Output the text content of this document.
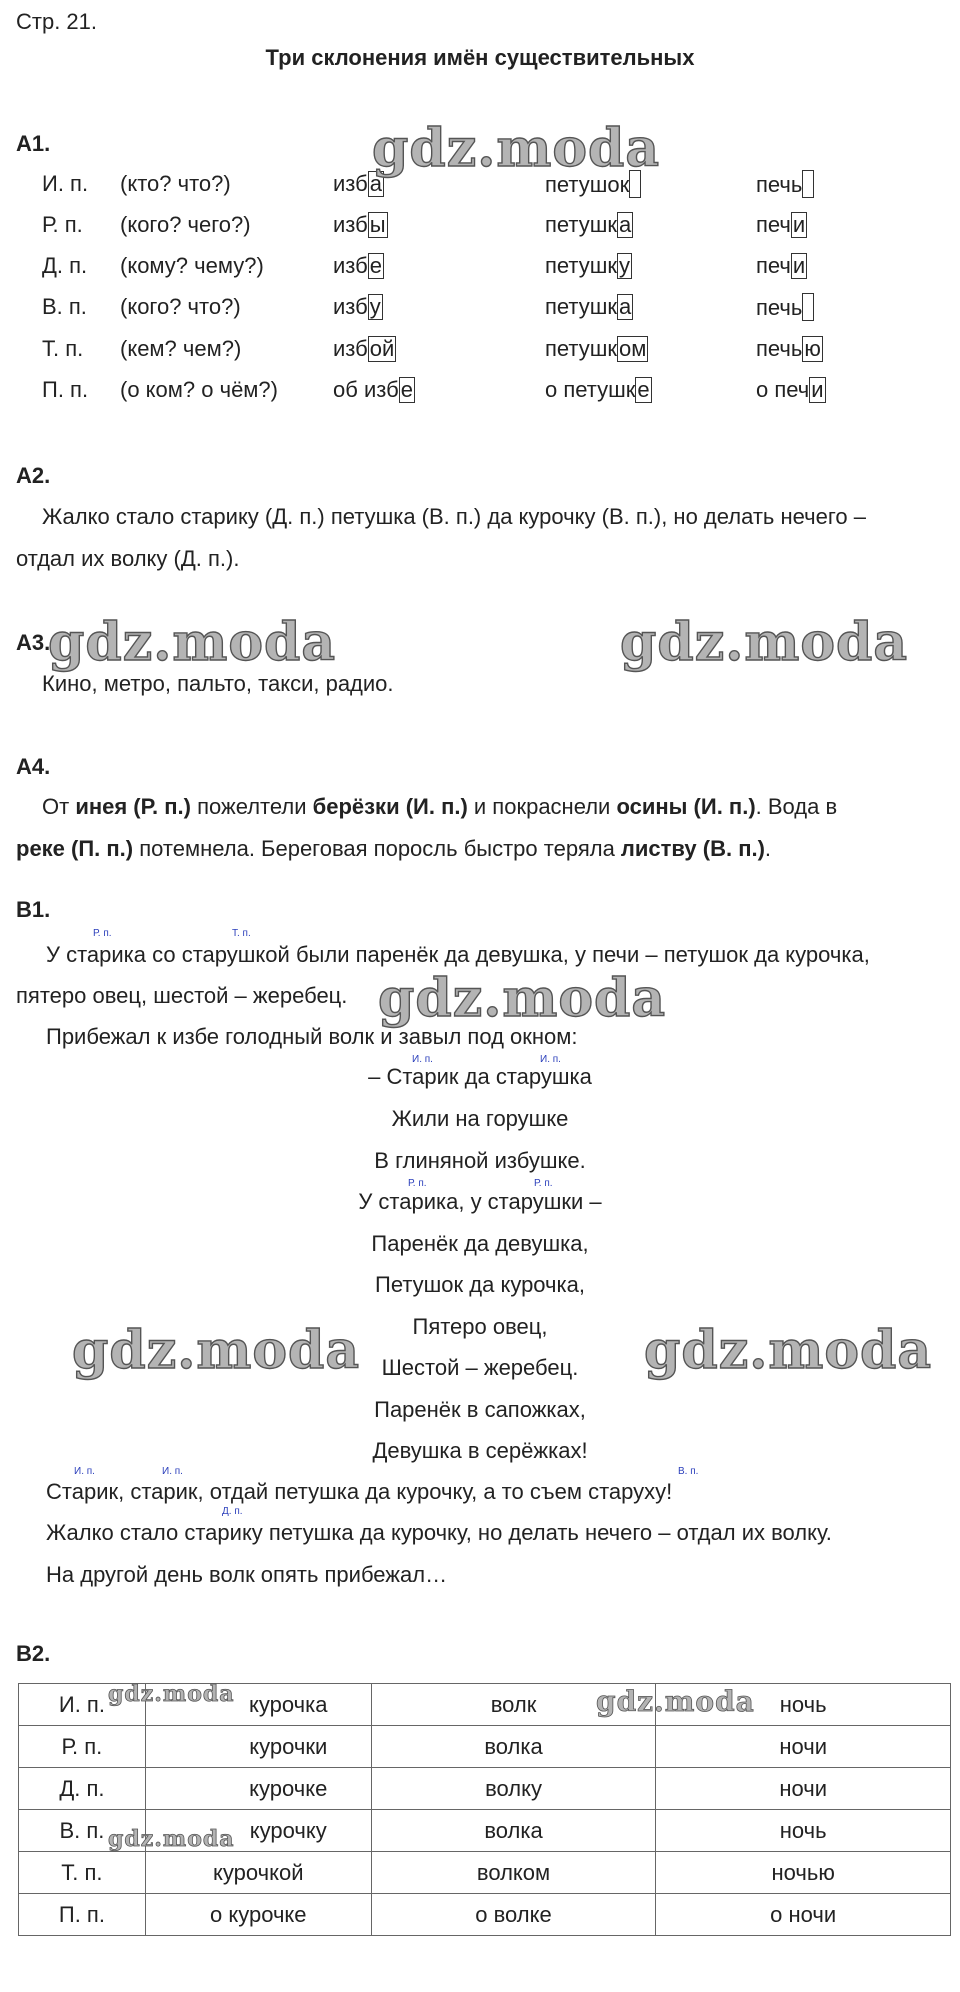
Стр. 21.
Три склонения имён существительных
А1.
И. п. (кто? что?)	изба	петушок	печь
Р. п. (кого? чего?)	избы	петушка	печи
Д. п. (кому? чему?)	избе	петушку	печи
В. п. (кого? что?)	избу	петушка	печь
Т. п. (кем? чем?)	избой	петушком	печью
П. п. (о ком? о чём?)	об избе	о петушке	о печи
А2.
Жалко стало старику (Д. п.) петушка (В. п.) да курочку (В. п.), но делать нечего –
отдал их волку (Д. п.).
А3.
Кино, метро, пальто, такси, радио.
А4.
От инея (Р. п.) пожелтели берёзки (И. п.) и покраснели осины (И. п.). Вода в
реке (П. п.) потемнела. Береговая поросль быстро теряла листву (В. п.).
В1.
Р. п.	Т. п.
У старика со старушкой были паренёк да девушка, у печи – петушок да курочка,
пятеро овец, шестой – жеребец.
Прибежал к избе голодный волк и завыл под окном:
И. п.	И. п.
Р. п.	Р. п.
– Старик да старушка
Жили на горушке
В глиняной избушке.
У старика, у старушки –
Паренёк да девушка,
Петушок да курочка,
Пятеро овец,
Шестой – жеребец.
Паренёк в сапожках,
Девушка в серёжках!
И. п.	И. п.	В. п.
Старик, старик, отдай петушка да курочку, а то съем старуху!
Д. п.
Жалко стало старику петушка да курочку, но делать нечего – отдал их волку.
На другой день волк опять прибежал…
В2.
И. п.	курочка	волк	ночь
Р. п.	курочки	волка	ночи
Д. п.	курочке	волку	ночи
В. п.	курочку	волка	ночь
Т. п.	курочкой	волком	ночью
П. п.	о курочке	о волке	о ночи
gdz.moda
gdz.moda	gdz.moda
gdz.moda
gdz.moda	gdz.moda
gdz.moda	gdz.moda
gdz.moda
